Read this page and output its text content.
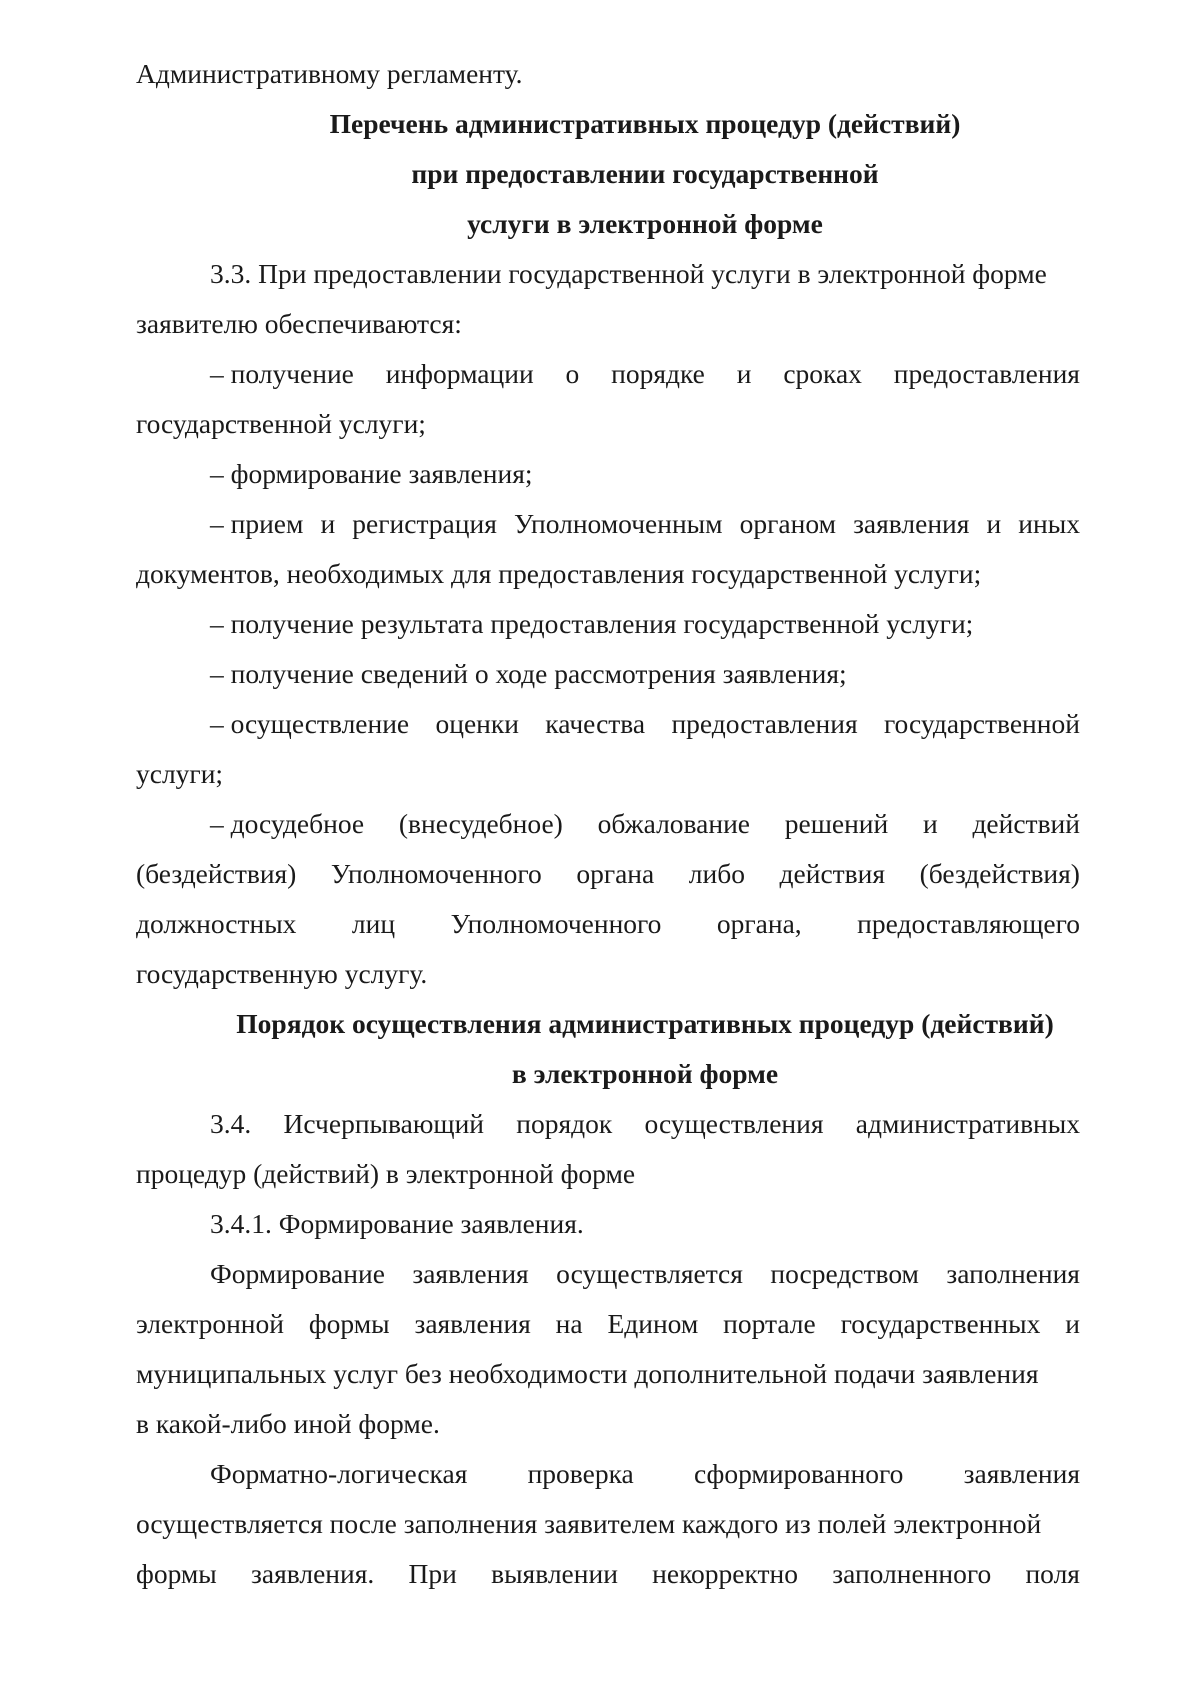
Административному регламенту.
Перечень административных процедур (действий)
при предоставлении государственной
услуги в электронной форме
3.3. При предоставлении государственной услуги в электронной форме
заявителю обеспечиваются:
– получение информации о порядке и сроках предоставления
государственной услуги;
– формирование заявления;
– прием и регистрация Уполномоченным органом заявления и иных
документов, необходимых для предоставления государственной услуги;
– получение результата предоставления государственной услуги;
– получение сведений о ходе рассмотрения заявления;
– осуществление оценки качества предоставления государственной
услуги;
– досудебное (внесудебное) обжалование решений и действий
(бездействия) Уполномоченного органа либо действия (бездействия)
должностных лиц Уполномоченного органа, предоставляющего
государственную услугу.
Порядок осуществления административных процедур (действий)
в электронной форме
3.4. Исчерпывающий порядок осуществления административных
процедур (действий) в электронной форме
3.4.1. Формирование заявления.
Формирование заявления осуществляется посредством заполнения
электронной формы заявления на Едином портале государственных и
муниципальных услуг без необходимости дополнительной подачи заявления
в какой-либо иной форме.
Форматно-логическая проверка сформированного заявления
осуществляется после заполнения заявителем каждого из полей электронной
формы заявления. При выявлении некорректно заполненного поля
